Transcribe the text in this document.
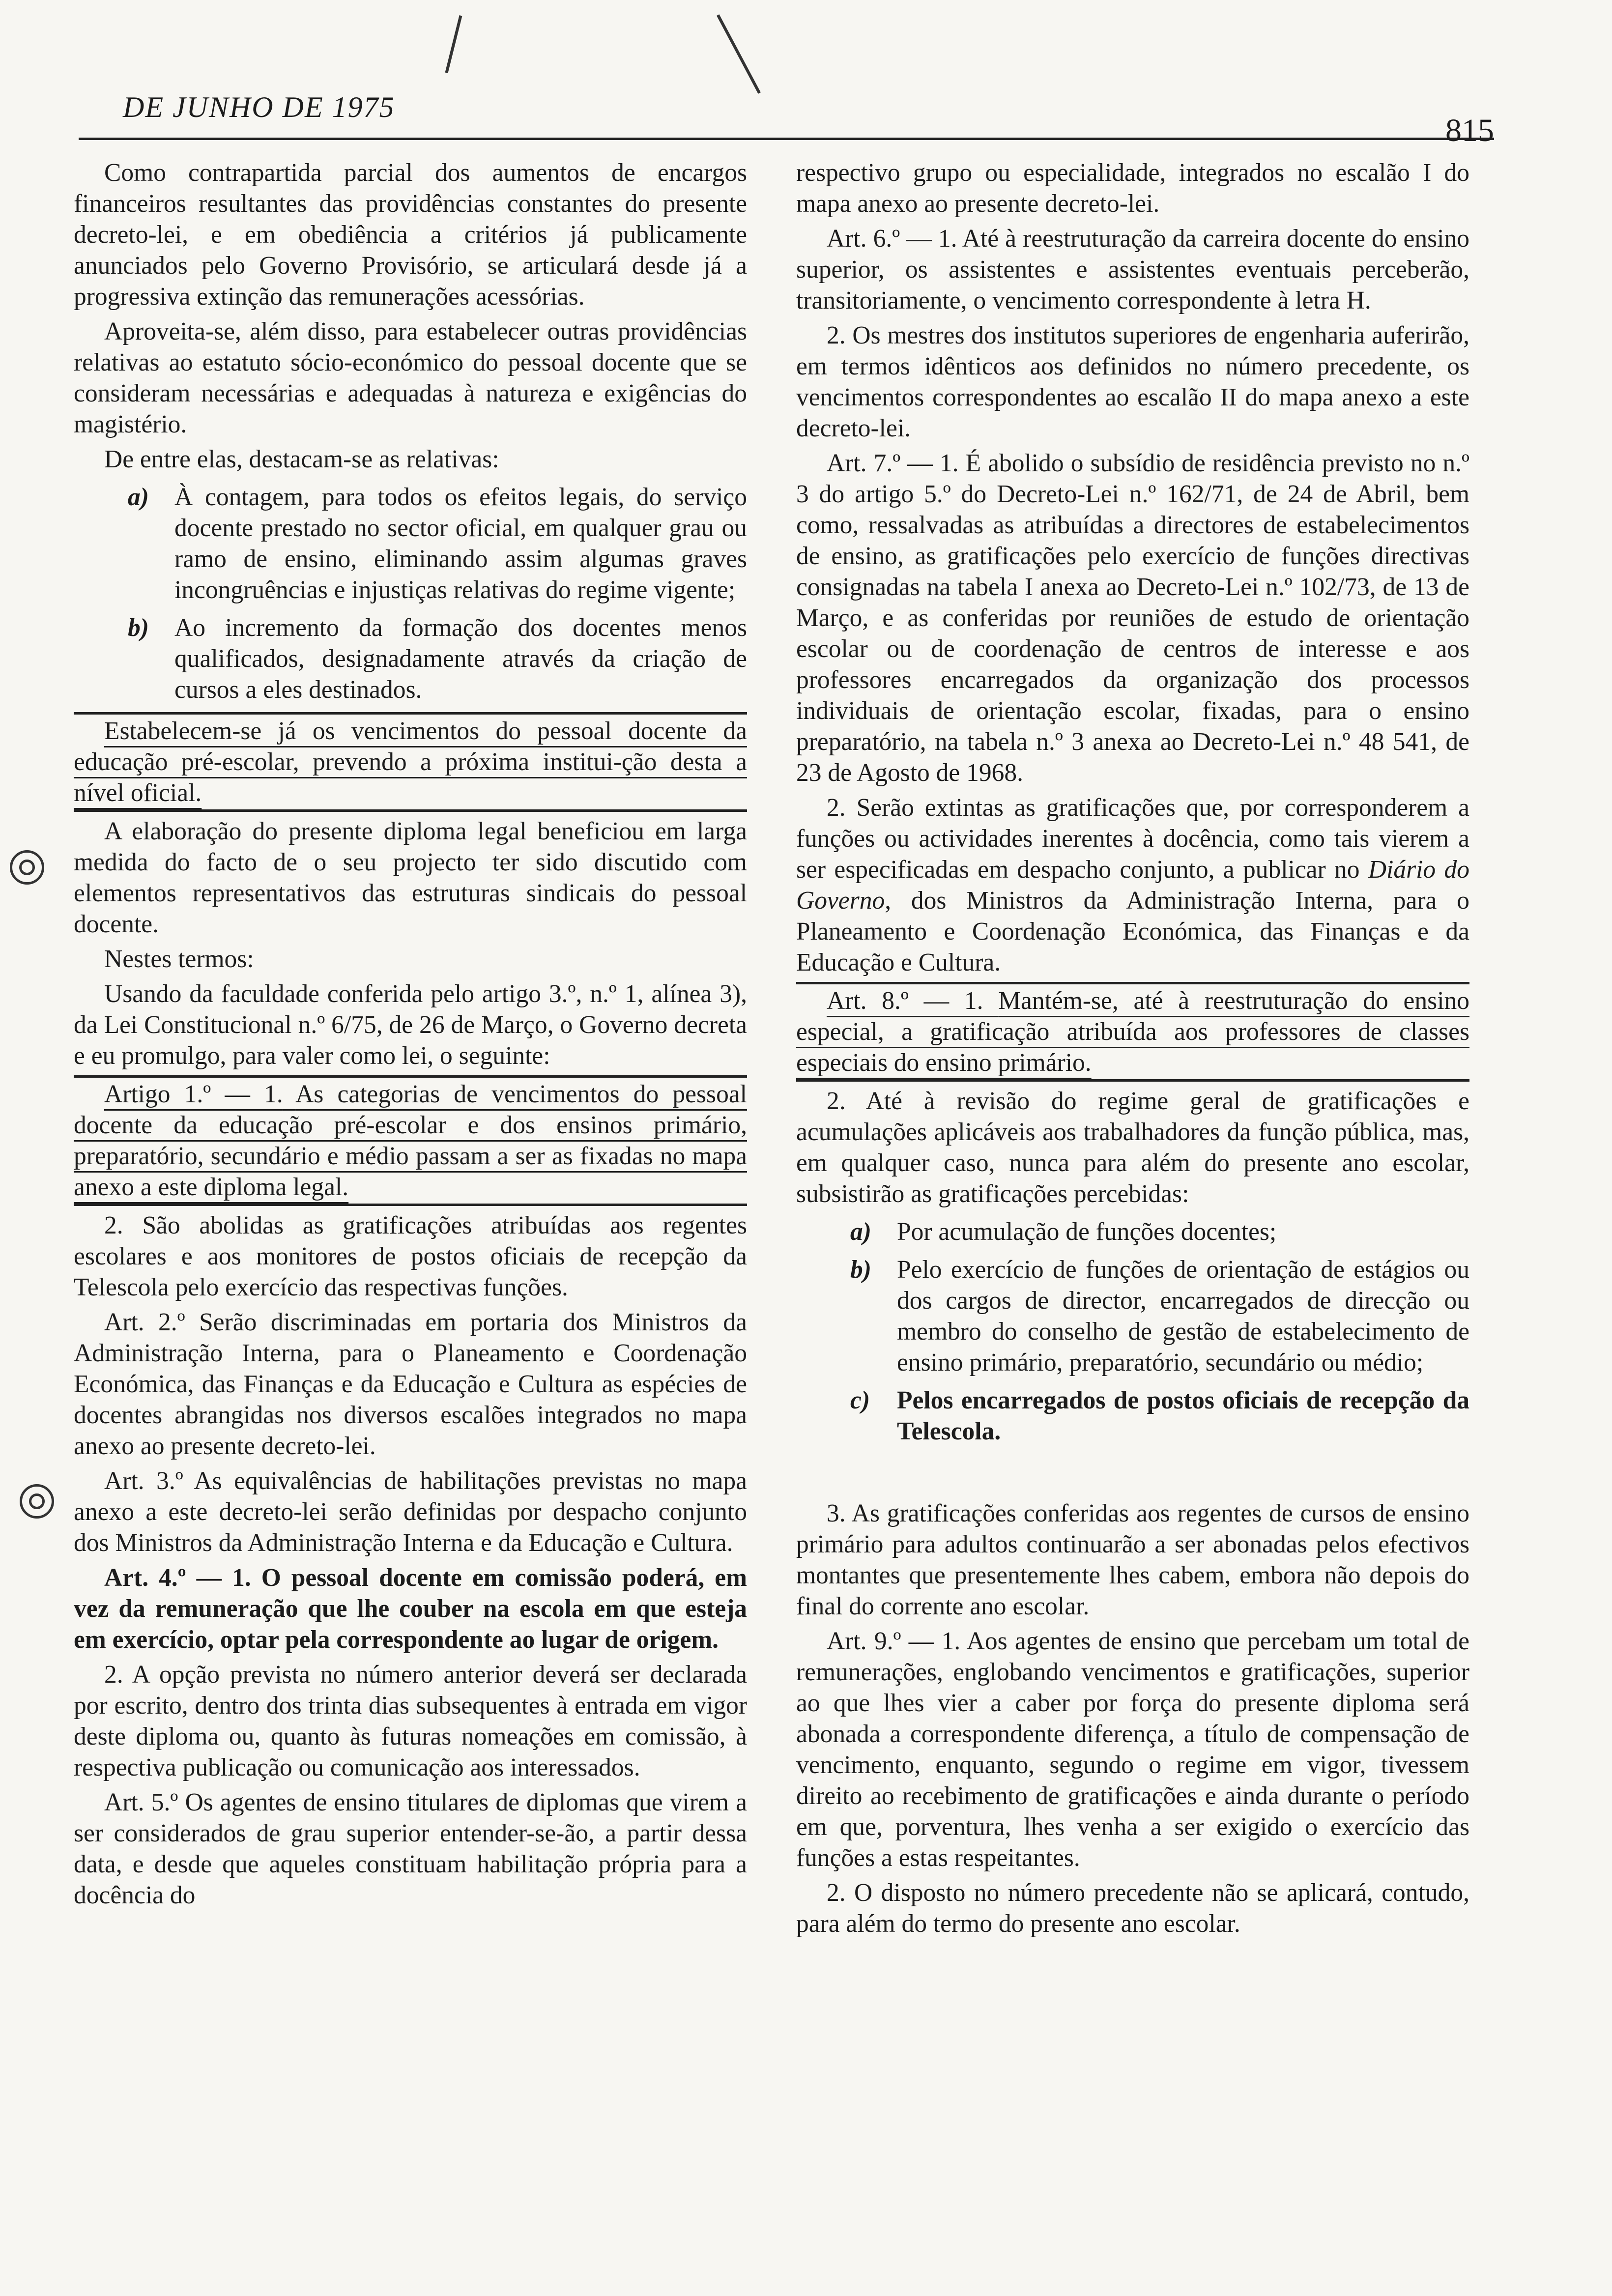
DE JUNHO DE 1975
815

Como contrapartida parcial dos aumentos de encargos financeiros resultantes das providências constantes do presente decreto-lei, e em obediência a critérios já publicamente anunciados pelo Governo Provisório, se articulará desde já a progressiva extinção das remunerações acessórias.

Aproveita-se, além disso, para estabelecer outras providências relativas ao estatuto sócio-económico do pessoal docente que se consideram necessárias e adequadas à natureza e exigências do magistério.

De entre elas, destacam-se as relativas:

a)	À contagem, para todos os efeitos legais, do serviço docente prestado no sector oficial, em qualquer grau ou ramo de ensino, eliminando assim algumas graves incongruências e injustiças relativas do regime vigente;
b)	Ao incremento da formação dos docentes menos qualificados, designadamente através da criação de cursos a eles destinados.

Estabelecem-se já os vencimentos do pessoal docente da educação pré-escolar, prevendo a próxima institui-ção desta a nível oficial.

A elaboração do presente diploma legal beneficiou em larga medida do facto de o seu projecto ter sido discutido com elementos representativos das estruturas sindicais do pessoal docente.

Nestes termos:

Usando da faculdade conferida pelo artigo 3.º, n.º 1, alínea 3), da Lei Constitucional n.º 6/75, de 26 de Março, o Governo decreta e eu promulgo, para valer como lei, o seguinte:

Artigo 1.º — 1. As categorias de vencimentos do pessoal docente da educação pré-escolar e dos ensinos primário, preparatório, secundário e médio passam a ser as fixadas no mapa anexo a este diploma legal.

2. São abolidas as gratificações atribuídas aos regentes escolares e aos monitores de postos oficiais de recepção da Telescola pelo exercício das respectivas funções.

Art. 2.º Serão discriminadas em portaria dos Ministros da Administração Interna, para o Planeamento e Coordenação Económica, das Finanças e da Educação e Cultura as espécies de docentes abrangidas nos diversos escalões integrados no mapa anexo ao presente decreto-lei.

Art. 3.º As equivalências de habilitações previstas no mapa anexo a este decreto-lei serão definidas por despacho conjunto dos Ministros da Administração Interna e da Educação e Cultura.

Art. 4.º — 1. O pessoal docente em comissão poderá, em vez da remuneração que lhe couber na escola em que esteja em exercício, optar pela correspondente ao lugar de origem.

2. A opção prevista no número anterior deverá ser declarada por escrito, dentro dos trinta dias subsequentes à entrada em vigor deste diploma ou, quanto às futuras nomeações em comissão, à respectiva publicação ou comunicação aos interessados.

Art. 5.º Os agentes de ensino titulares de diplomas que virem a ser considerados de grau superior entender-se-ão, a partir dessa data, e desde que aqueles constituam habilitação própria para a docência do

respectivo grupo ou especialidade, integrados no escalão I do mapa anexo ao presente decreto-lei.

Art. 6.º — 1. Até à reestruturação da carreira docente do ensino superior, os assistentes e assistentes eventuais perceberão, transitoriamente, o vencimento correspondente à letra H.

2. Os mestres dos institutos superiores de engenharia auferirão, em termos idênticos aos definidos no número precedente, os vencimentos correspondentes ao escalão II do mapa anexo a este decreto-lei.

Art. 7.º — 1. É abolido o subsídio de residência previsto no n.º 3 do artigo 5.º do Decreto-Lei n.º 162/71, de 24 de Abril, bem como, ressalvadas as atribuídas a directores de estabelecimentos de ensino, as gratificações pelo exercício de funções directivas consignadas na tabela I anexa ao Decreto-Lei n.º 102/73, de 13 de Março, e as conferidas por reuniões de estudo de orientação escolar ou de coordenação de centros de interesse e aos professores encarregados da organização dos processos individuais de orientação escolar, fixadas, para o ensino preparatório, na tabela n.º 3 anexa ao Decreto-Lei n.º 48 541, de 23 de Agosto de 1968.

2. Serão extintas as gratificações que, por corresponderem a funções ou actividades inerentes à docência, como tais vierem a ser especificadas em despacho conjunto, a publicar no Diário do Governo, dos Ministros da Administração Interna, para o Planeamento e Coordenação Económica, das Finanças e da Educação e Cultura.

Art. 8.º — 1. Mantém-se, até à reestruturação do ensino especial, a gratificação atribuída aos professores de classes especiais do ensino primário.

2. Até à revisão do regime geral de gratificações e acumulações aplicáveis aos trabalhadores da função pública, mas, em qualquer caso, nunca para além do presente ano escolar, subsistirão as gratificações percebidas:

a)	Por acumulação de funções docentes;
b)	Pelo exercício de funções de orientação de estágios ou dos cargos de director, encarregados de direcção ou membro do conselho de gestão de estabelecimento de ensino primário, preparatório, secundário ou médio;
c)	Pelos encarregados de postos oficiais de recepção da Telescola.

3. As gratificações conferidas aos regentes de cursos de ensino primário para adultos continuarão a ser abonadas pelos efectivos montantes que presentemente lhes cabem, embora não depois do final do corrente ano escolar.

Art. 9.º — 1. Aos agentes de ensino que percebam um total de remunerações, englobando vencimentos e gratificações, superior ao que lhes vier a caber por força do presente diploma será abonada a correspondente diferença, a título de compensação de vencimento, enquanto, segundo o regime em vigor, tivessem direito ao recebimento de gratificações e ainda durante o período em que, porventura, lhes venha a ser exigido o exercício das funções a estas respeitantes.

2. O disposto no número precedente não se aplicará, contudo, para além do termo do presente ano escolar.
